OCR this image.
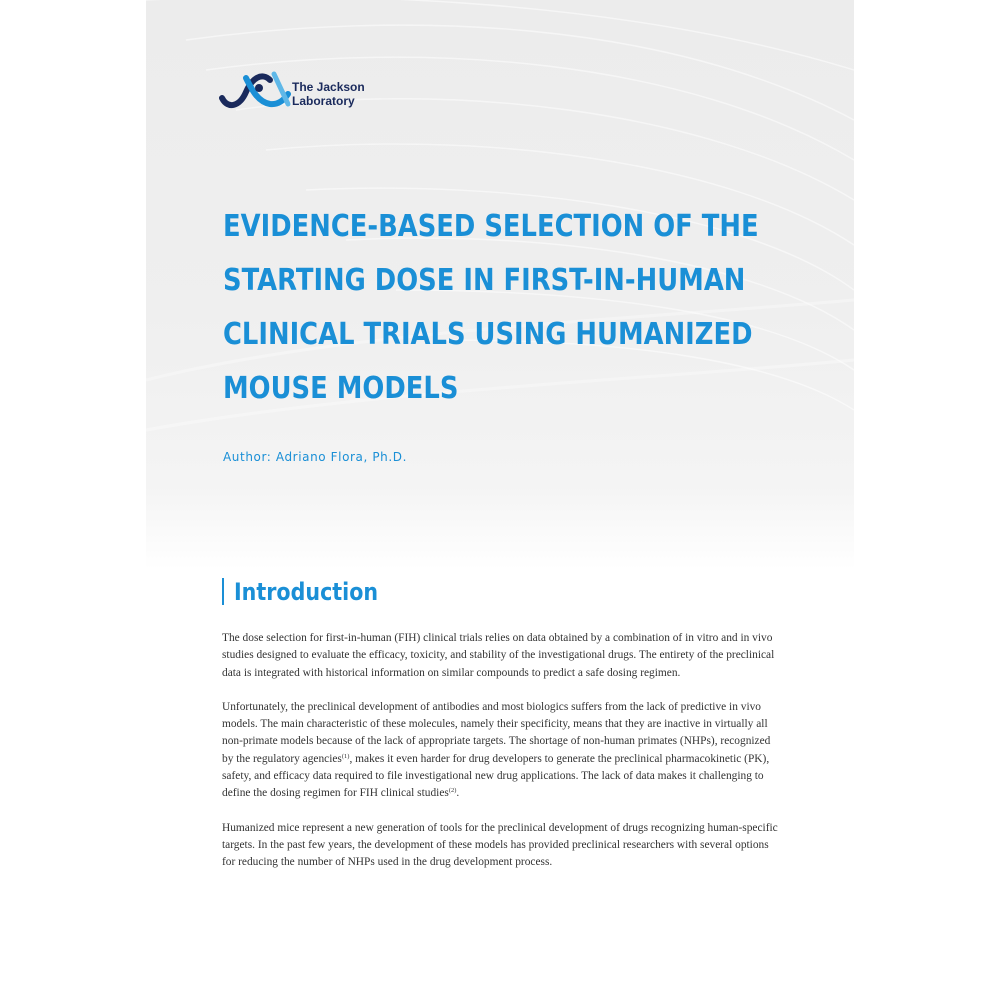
The Jackson
Laboratory
EVIDENCE-BASED SELECTION OF THE
STARTING DOSE IN FIRST-IN-HUMAN
CLINICAL TRIALS USING HUMANIZED
MOUSE MODELS
Author: Adriano Flora, Ph.D.
Introduction

The dose selection for first-in-human (FIH) clinical trials relies on data obtained by a combination of in vitro and in vivo studies designed to evaluate the efficacy, toxicity, and stability of the investigational drugs. The entirety of the preclinical data is integrated with historical information on similar compounds to predict a safe dosing regimen.

Unfortunately, the preclinical development of antibodies and most biologics suffers from the lack of predictive in vivo models. The main characteristic of these molecules, namely their specificity, means that they are inactive in virtually all non-primate models because of the lack of appropriate targets. The shortage of non-human primates (NHPs), recognized by the regulatory agencies$^{(1)}$, makes it even harder for drug developers to generate the preclinical pharmacokinetic (PK), safety, and efficacy data required to file investigational new drug applications. The lack of data makes it challenging to define the dosing regimen for FIH clinical studies$^{(2)}$.

Humanized mice represent a new generation of tools for the preclinical development of drugs recognizing human-specific targets. In the past few years, the development of these models has provided preclinical researchers with several options for reducing the number of NHPs used in the drug development process.
